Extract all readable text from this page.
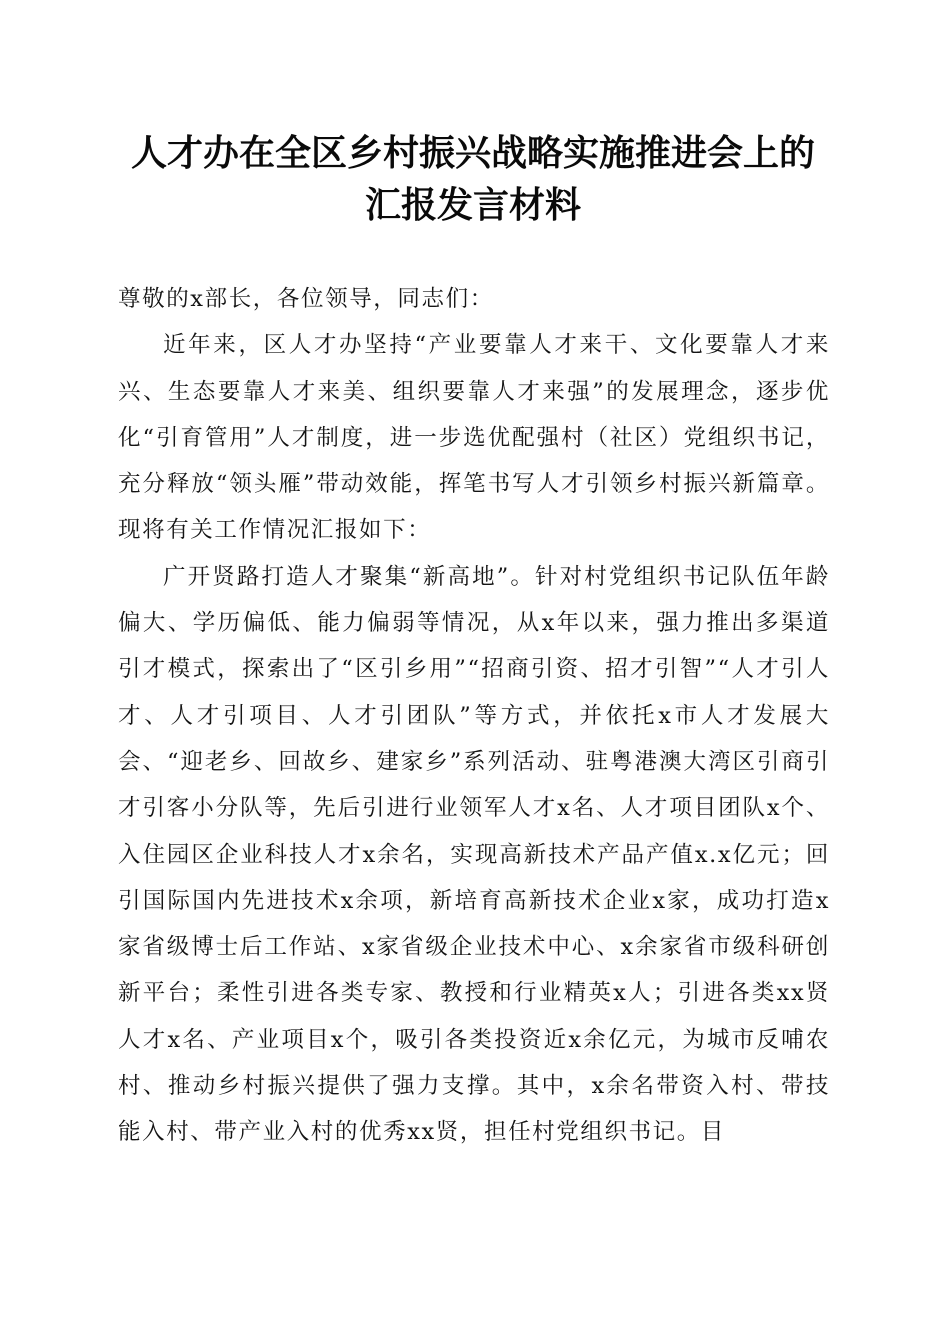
人才办在全区乡村振兴战略实施推进会上的汇报发言材料

尊敬的x部长，各位领导，同志们：

近年来，区人才办坚持“产业要靠人才来干、文化要靠人才来兴、生态要靠人才来美、组织要靠人才来强”的发展理念，逐步优化“引育管用”人才制度，进一步选优配强村（社区）党组织书记，充分释放“领头雁”带动效能，挥笔书写人才引领乡村振兴新篇章。现将有关工作情况汇报如下：

广开贤路打造人才聚集“新高地”。针对村党组织书记队伍年龄偏大、学历偏低、能力偏弱等情况，从x年以来，强力推出多渠道引才模式，探索出了“区引乡用”“招商引资、招才引智”“人才引人才、人才引项目、人才引团队”等方式，并依托x市人才发展大会、“迎老乡、回故乡、建家乡”系列活动、驻粤港澳大湾区引商引才引客小分队等，先后引进行业领军人才x名、人才项目团队x个、入住园区企业科技人才x余名，实现高新技术产品产值x.x亿元；回引国际国内先进技术x余项，新培育高新技术企业x家，成功打造x家省级博士后工作站、x家省级企业技术中心、x余家省市级科研创新平台；柔性引进各类专家、教授和行业精英x人；引进各类xx贤人才x名、产业项目x个，吸引各类投资近x余亿元，为城市反哺农村、推动乡村振兴提供了强力支撑。其中，x余名带资入村、带技能入村、带产业入村的优秀xx贤，担任村党组织书记。目
